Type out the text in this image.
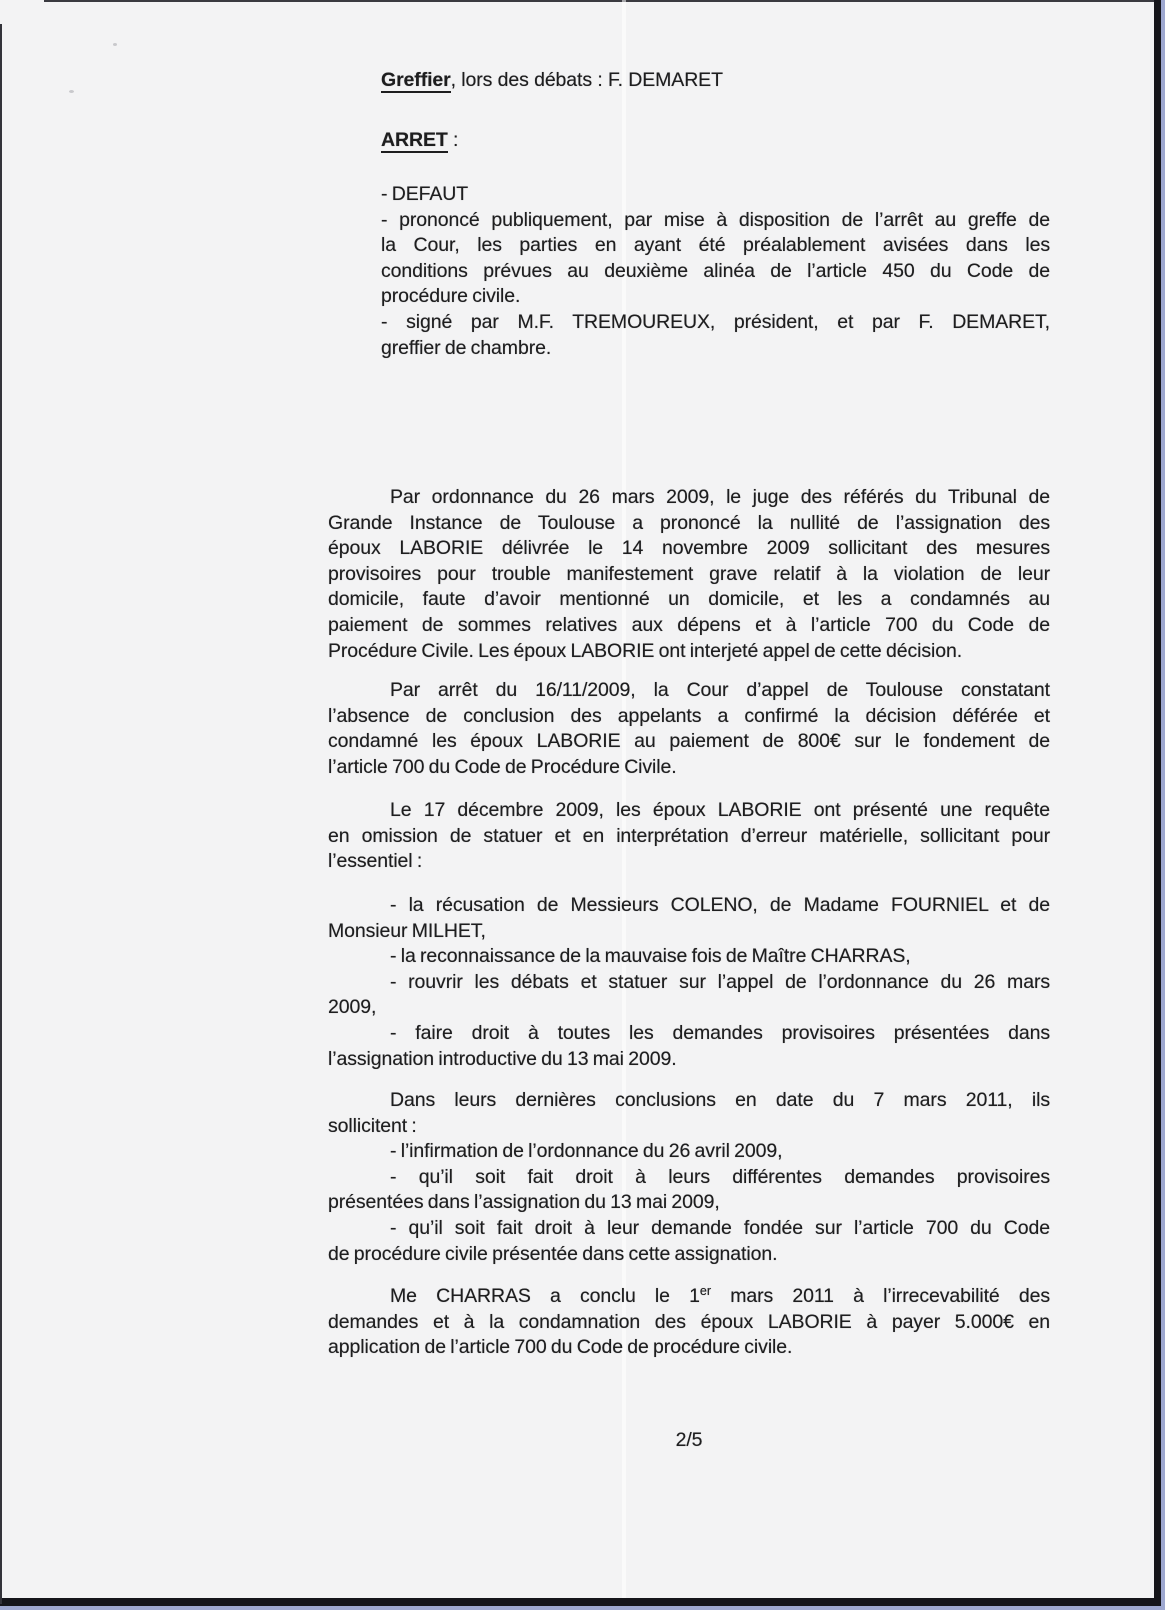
Greffier, lors des débats : F. DEMARET
ARRET :
- DEFAUT
- prononcé publiquement, par mise à disposition de l’arrêt au greffe de
la Cour, les parties en ayant été préalablement avisées dans les
conditions prévues au deuxième alinéa de l’article 450 du Code de
procédure civile.
- signé par M.F. TREMOUREUX, président, et par F. DEMARET,
greffier de chambre.
Par ordonnance du 26 mars 2009, le juge des référés du Tribunal de
Grande Instance de Toulouse a prononcé la nullité de l’assignation des
époux LABORIE délivrée le 14 novembre 2009 sollicitant des mesures
provisoires pour trouble manifestement grave relatif à la violation de leur
domicile, faute d’avoir mentionné un domicile, et les a condamnés au
paiement de sommes relatives aux dépens et à l’article 700 du Code de
Procédure Civile. Les époux LABORIE ont interjeté appel de cette décision.
Par arrêt du 16/11/2009, la Cour d’appel de Toulouse constatant
l’absence de conclusion des appelants a confirmé la décision déférée et
condamné les époux LABORIE au paiement de 800€ sur le fondement de
l’article 700 du Code de Procédure Civile.
Le 17 décembre 2009, les époux LABORIE ont présenté une requête
en omission de statuer et en interprétation d’erreur matérielle, sollicitant pour
l’essentiel :
- la récusation de Messieurs COLENO, de Madame FOURNIEL et de
Monsieur MILHET,
- la reconnaissance de la mauvaise fois de Maître CHARRAS,
- rouvrir les débats et statuer sur l’appel de l’ordonnance du 26 mars
2009,
- faire droit à toutes les demandes provisoires présentées dans
l’assignation introductive du 13 mai 2009.
Dans leurs dernières conclusions en date du 7 mars 2011, ils
sollicitent :
- l’infirmation de l’ordonnance du 26 avril 2009,
- qu’il soit fait droit à leurs différentes demandes provisoires
présentées dans l’assignation du 13 mai 2009,
- qu’il soit fait droit à leur demande fondée sur l’article 700 du Code
de procédure civile présentée dans cette assignation.
Me CHARRAS a conclu le 1er mars 2011 à l’irrecevabilité des
demandes et à la condamnation des époux LABORIE à payer 5.000€ en
application de l’article 700 du Code de procédure civile.
2/5
